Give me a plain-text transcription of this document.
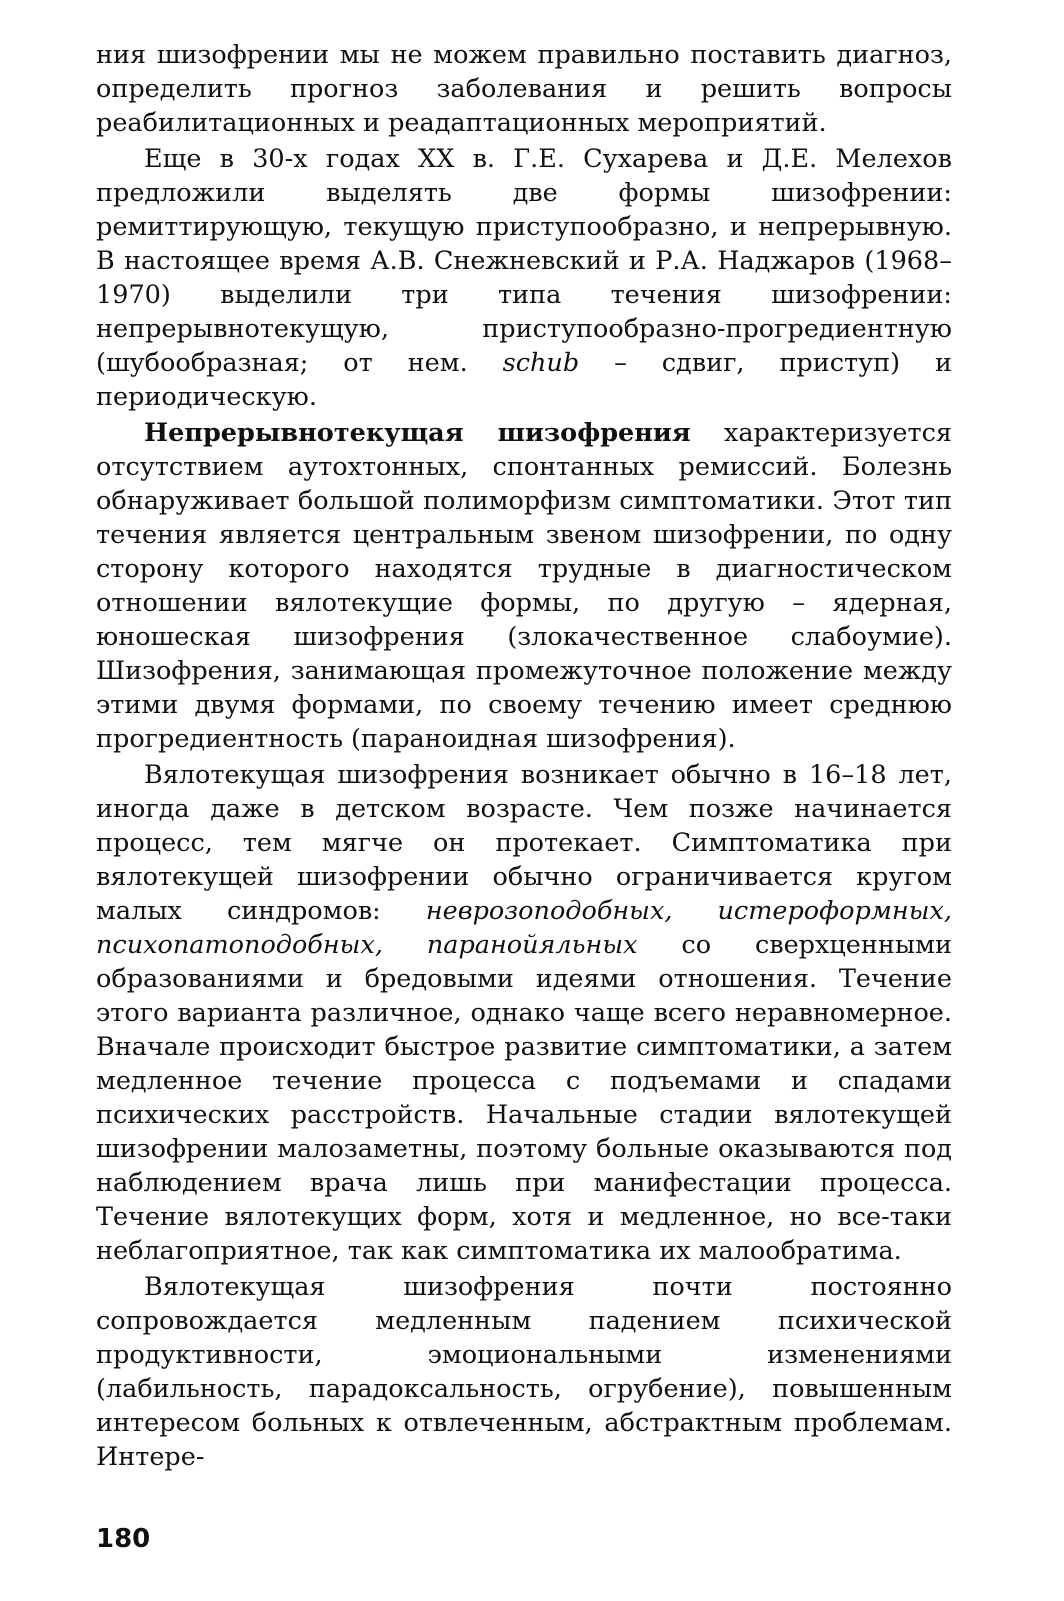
ния шизофрении мы не можем правильно поставить диагноз, определить прогноз заболевания и решить вопросы реабилитационных и реадаптационных мероприятий.

Еще в 30-х годах XX в. Г.Е. Сухарева и Д.Е. Мелехов предложили выделять две формы шизофрении: ремиттирующую, текущую приступообразно, и непрерывную. В настоящее время А.В. Снежневский и Р.А. Наджаров (1968–1970) выделили три типа течения шизофрении: непрерывнотекущую, приступообразно-прогредиентную (шубообразная; от нем. schub – сдвиг, приступ) и периодическую.

Непрерывнотекущая шизофрения характеризуется отсутствием аутохтонных, спонтанных ремиссий. Болезнь обнаруживает большой полиморфизм симптоматики. Этот тип течения является центральным звеном шизофрении, по одну сторону которого находятся трудные в диагностическом отношении вялотекущие формы, по другую – ядерная, юношеская шизофрения (злокачественное слабоумие). Шизофрения, занимающая промежуточное положение между этими двумя формами, по своему течению имеет среднюю прогредиентность (параноидная шизофрения).

Вялотекущая шизофрения возникает обычно в 16–18 лет, иногда даже в детском возрасте. Чем позже начинается процесс, тем мягче он протекает. Симптоматика при вялотекущей шизофрении обычно ограничивается кругом малых синдромов: неврозоподобных, истероформных, психопатоподобных, паранойяльных со сверхценными образованиями и бредовыми идеями отношения. Течение этого варианта различное, однако чаще всего неравномерное. Вначале происходит быстрое развитие симптоматики, а затем медленное течение процесса с подъемами и спадами психических расстройств. Начальные стадии вялотекущей шизофрении малозаметны, поэтому больные оказываются под наблюдением врача лишь при манифестации процесса. Течение вялотекущих форм, хотя и медленное, но все-таки неблагоприятное, так как симптоматика их малообратима.

Вялотекущая шизофрения почти постоянно сопровождается медленным падением психической продуктивности, эмоциональными изменениями (лабильность, парадоксальность, огрубение), повышенным интересом больных к отвлеченным, абстрактным проблемам. Интере-

180
